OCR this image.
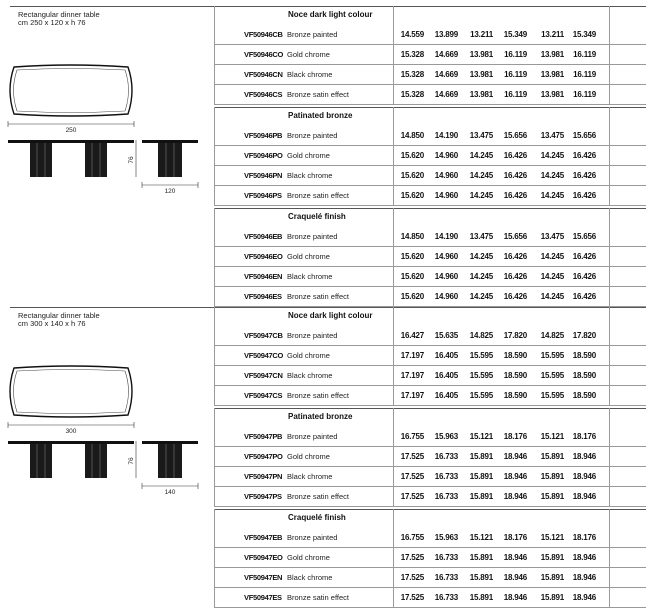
Rectangular dinner table
cm 250 x 120 x h 76
Noce dark light colour
VF50946CB Bronze painted	14.559	13.899	13.211	15.349	13.211	15.349
VF50946CO Gold chrome	15.328	14.669	13.981	16.119	13.981	16.119
VF50946CN Black chrome	15.328	14.669	13.981	16.119	13.981	16.119
VF50946CS Bronze satin effect	15.328	14.669	13.981	16.119	13.981	16.119
Patinated bronze
VF50946PB Bronze painted	14.850	14.190	13.475	15.656	13.475	15.656
VF50946PO Gold chrome	15.620	14.960	14.245	16.426	14.245	16.426
VF50946PN Black chrome	15.620	14.960	14.245	16.426	14.245	16.426
VF50946PS Bronze satin effect	15.620	14.960	14.245	16.426	14.245	16.426
Craquelé finish
VF50946EB Bronze painted	14.850	14.190	13.475	15.656	13.475	15.656
VF50946EO Gold chrome	15.620	14.960	14.245	16.426	14.245	16.426
VF50946EN Black chrome	15.620	14.960	14.245	16.426	14.245	16.426
VF50946ES Bronze satin effect	15.620	14.960	14.245	16.426	14.245	16.426
250
76
120
Rectangular dinner table
cm 300 x 140 x h 76
Noce dark light colour
VF50947CB Bronze painted	16.427	15.635	14.825	17.820	14.825	17.820
VF50947CO Gold chrome	17.197	16.405	15.595	18.590	15.595	18.590
VF50947CN Black chrome	17.197	16.405	15.595	18.590	15.595	18.590
VF50947CS Bronze satin effect	17.197	16.405	15.595	18.590	15.595	18.590
Patinated bronze
VF50947PB Bronze painted	16.755	15.963	15.121	18.176	15.121	18.176
VF50947PO Gold chrome	17.525	16.733	15.891	18.946	15.891	18.946
VF50947PN Black chrome	17.525	16.733	15.891	18.946	15.891	18.946
VF50947PS Bronze satin effect	17.525	16.733	15.891	18.946	15.891	18.946
Craquelé finish
VF50947EB Bronze painted	16.755	15.963	15.121	18.176	15.121	18.176
VF50947EO Gold chrome	17.525	16.733	15.891	18.946	15.891	18.946
VF50947EN Black chrome	17.525	16.733	15.891	18.946	15.891	18.946
VF50947ES Bronze satin effect	17.525	16.733	15.891	18.946	15.891	18.946
300
76
140
